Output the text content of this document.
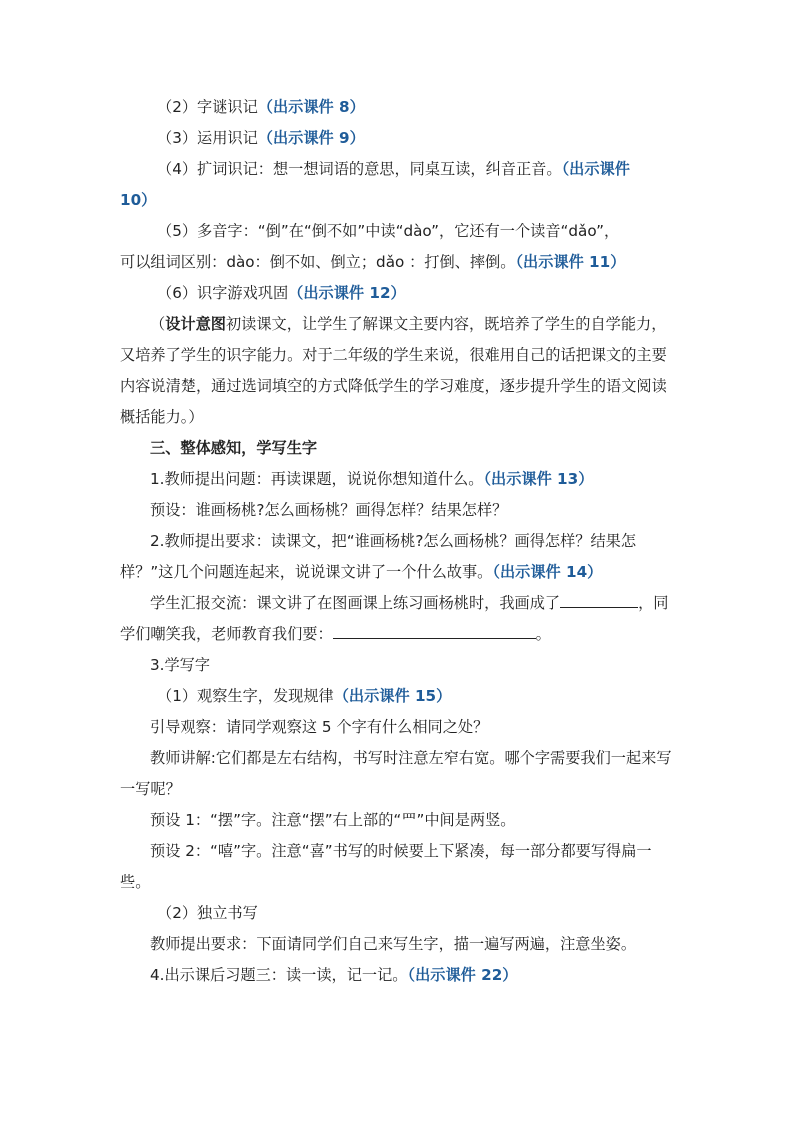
（2）字谜识记（出示课件 8）

（3）运用识记（出示课件 9）

（4）扩词识记：想一想词语的意思，同桌互读，纠音正音。（出示课件
10）

（5）多音字：“倒”在“倒不如”中读“dào”，它还有一个读音“dǎo”，
可以组词区别：dào：倒不如、倒立；dǎo ：打倒、摔倒。（出示课件 11）

（6）识字游戏巩固（出示课件 12）

（设计意图初读课文，让学生了解课文主要内容，既培养了学生的自学能力，又培养了学生的识字能力。对于二年级的学生来说，很难用自己的话把课文的主要内容说清楚，通过选词填空的方式降低学生的学习难度，逐步提升学生的语文阅读概括能力。）

三、整体感知，学写生字

1.教师提出问题：再读课题，说说你想知道什么。（出示课件 13）

预设：谁画杨桃?怎么画杨桃？画得怎样？结果怎样？

2.教师提出要求：读课文，把“谁画杨桃?怎么画杨桃？画得怎样？结果怎样？”这几个问题连起来，说说课文讲了一个什么故事。（出示课件 14）

学生汇报交流：课文讲了在图画课上练习画杨桃时，我画成了	，同学们嘲笑我，老师教育我们要：	。

3.学写字

（1）观察生字，发现规律（出示课件 15）

引导观察：请同学观察这 5 个字有什么相同之处？

教师讲解:它们都是左右结构，书写时注意左窄右宽。哪个字需要我们一起来写一写呢？

预设 1：“摆”字。注意“摆”右上部的“罒”中间是两竖。

预设 2：“嘻”字。注意“喜”书写的时候要上下紧凑，每一部分都要写得扁一些。

（2）独立书写

教师提出要求：下面请同学们自己来写生字，描一遍写两遍，注意坐姿。

4.出示课后习题三：读一读，记一记。（出示课件 22）
